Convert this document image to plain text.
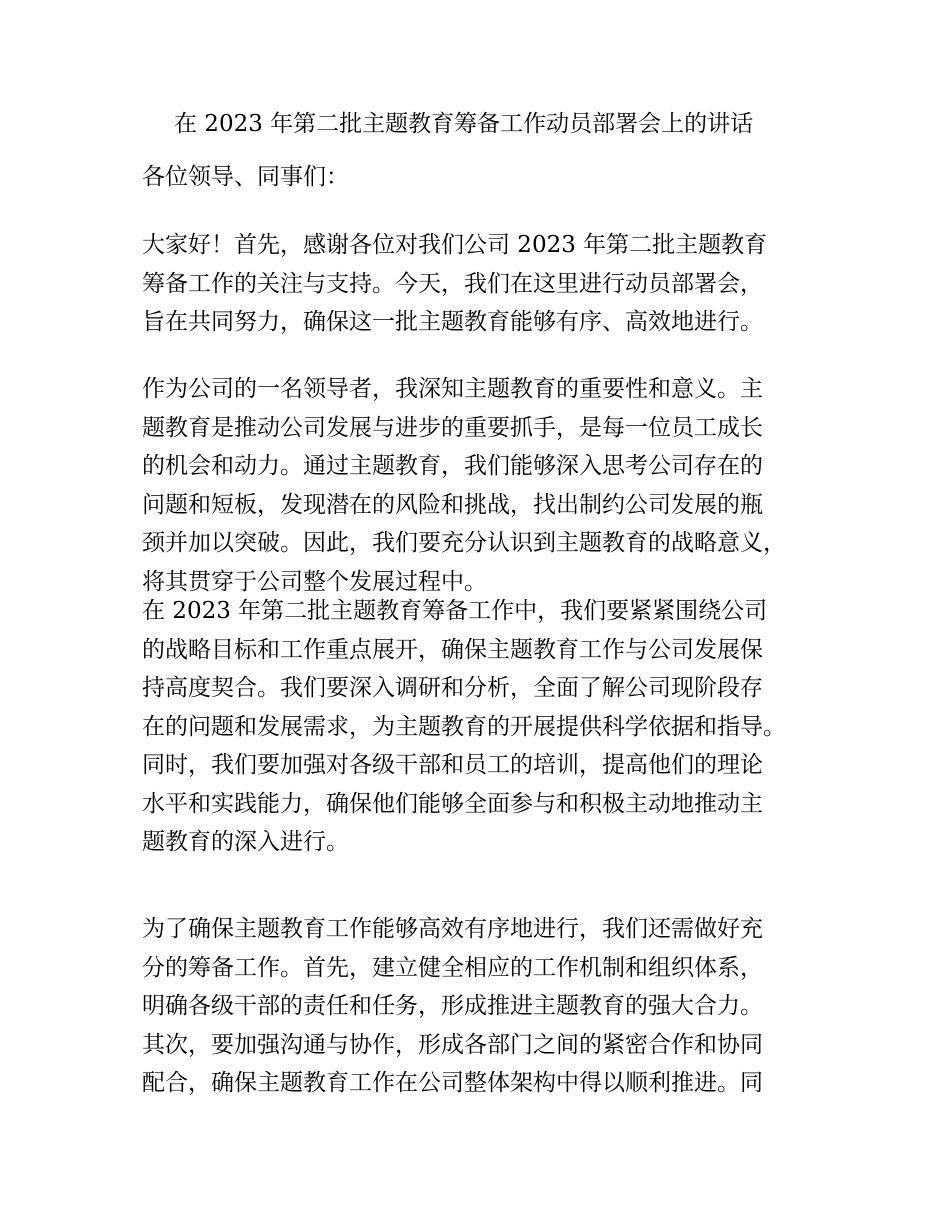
在 2023 年第二批主题教育筹备工作动员部署会上的讲话

各位领导、同事们：

大家好！首先，感谢各位对我们公司 2023 年第二批主题教育
筹备工作的关注与支持。今天，我们在这里进行动员部署会，
旨在共同努力，确保这一批主题教育能够有序、高效地进行。

作为公司的一名领导者，我深知主题教育的重要性和意义。主
题教育是推动公司发展与进步的重要抓手，是每一位员工成长
的机会和动力。通过主题教育，我们能够深入思考公司存在的
问题和短板，发现潜在的风险和挑战，找出制约公司发展的瓶
颈并加以突破。因此，我们要充分认识到主题教育的战略意义，
将其贯穿于公司整个发展过程中。

在 2023 年第二批主题教育筹备工作中，我们要紧紧围绕公司
的战略目标和工作重点展开，确保主题教育工作与公司发展保
持高度契合。我们要深入调研和分析，全面了解公司现阶段存
在的问题和发展需求，为主题教育的开展提供科学依据和指导。
同时，我们要加强对各级干部和员工的培训，提高他们的理论
水平和实践能力，确保他们能够全面参与和积极主动地推动主
题教育的深入进行。

为了确保主题教育工作能够高效有序地进行，我们还需做好充
分的筹备工作。首先，建立健全相应的工作机制和组织体系，
明确各级干部的责任和任务，形成推进主题教育的强大合力。
其次，要加强沟通与协作，形成各部门之间的紧密合作和协同
配合，确保主题教育工作在公司整体架构中得以顺利推进。同
